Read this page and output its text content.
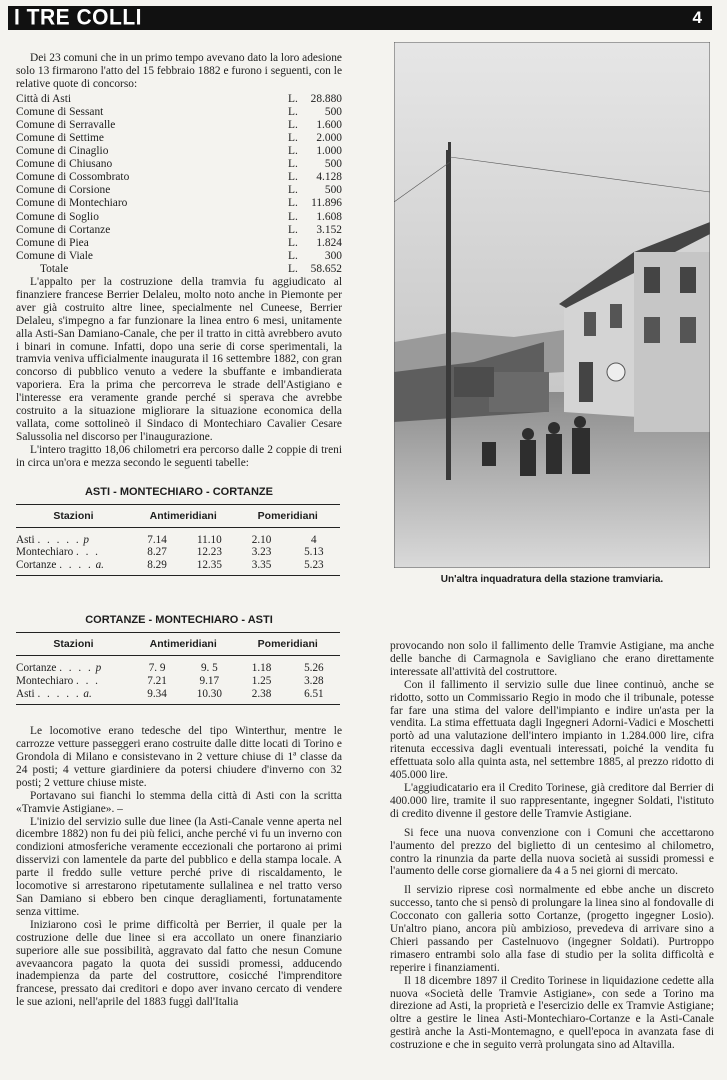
I TRE COLLI	4

Dei 23 comuni che in un primo tempo avevano dato la loro adesione solo 13 firmarono l'atto del 15 febbraio 1882 e furono i seguenti, con le relative quote di concorso:

Città di Asti	L.	28.880
Comune di Sessant	L.	500
Comune di Serravalle	L.	1.600
Comune di Settime	L.	2.000
Comune di Cinaglio	L.	1.000
Comune di Chiusano	L.	500
Comune di Cossombrato	L.	4.128
Comune di Corsione	L.	500
Comune di Montechiaro	L.	11.896
Comune di Soglio	L.	1.608
Comune di Cortanze	L.	3.152
Comune di Piea	L.	1.824
Comune di Viale	L.	300
Totale	L.	58.652

L'appalto per la costruzione della tramvia fu aggiudicato al finanziere francese Berrier Delaleu, molto noto anche in Piemonte per aver già costruito altre linee, specialmente nel Cuneese, Berrier Delaleu, s'impegno a far funzionare la linea entro 6 mesi, unitamente alla Asti-San Damiano-Canale, che per il tratto in città avrebbero avuto i binari in comune. Infatti, dopo una serie di corse sperimentali, la tramvia veniva ufficialmente inaugurata il 16 settembre 1882, con gran concorso di pubblico venuto a vedere la sbuffante e imbandierata vaporiera. Era la prima che percorreva le strade dell'Astigiano e l'interesse era veramente grande perché si sperava che avrebbe costruito a la situazione migliorare la situazione economica della vallata, come sottolineò il Sindaco di Montechiaro Cavalier Cesare Salussolia nel discorso per l'inaugurazione.

L'intero tragitto 18,06 chilometri era percorso dalle 2 coppie di treni in circa un'ora e mezza secondo le seguenti tabelle:

ASTI - MONTECHIARO - CORTANZE
Stazioni	Antimeridiani		Pomeridiani	
Asti . . . . . p	7.14	11.10	2.10	4
Montechiaro . . .	8.27	12.23	3.23	5.13
Cortanze . . . . a.	8.29	12.35	3.35	5.23
CORTANZE - MONTECHIARO - ASTI
Stazioni	Antimeridiani		Pomeridiani	
Cortanze . . . . p	7. 9	9. 5	1.18	5.26
Montechiaro . . .	7.21	9.17	1.25	3.28
Asti . . . . . a.	9.34	10.30	2.38	6.51

Le locomotive erano tedesche del tipo Winterthur, mentre le carrozze vetture passeggeri erano costruite dalle ditte locati di Torino e Grondola di Milano e consistevano in 2 vetture chiuse di 1ª classe da 24 posti; 4 vetture giardiniere da potersi chiudere d'inverno con 32 posti; 2 vetture chiuse miste.

Portavano sui fianchi lo stemma della città di Asti con la scritta «Tramvie Astigiane». –

L'inizio del servizio sulle due linee (la Asti-Canale venne aperta nel dicembre 1882) non fu dei più felici, anche perché vi fu un inverno con condizioni atmosferiche veramente eccezionali che portarono ai primi disservizi con lamentele da parte del pubblico e della stampa locale. A parte il freddo sulle vetture perché prive di riscaldamento, le locomotive si arrestarono ripetutamente sullalinea e nel tratto verso San Damiano si ebbero ben cinque deragliamenti, fortunatamente senza vittime.

Iniziarono così le prime difficoltà per Berrier, il quale per la costruzione delle due linee si era accollato un onere finanziario superiore alle sue possibilità, aggravato dal fatto che nesun Comune avevaancora pagato la quota dei sussidi promessi, adducendo inadempienza da parte del costruttore, cosicché l'imprenditore francese, pressato dai creditori e dopo aver invano cercato di vendere le sue azioni, nell'aprile del 1883 fuggì dall'Italia

Un'altra inquadratura della stazione tramviaria.

provocando non solo il fallimento delle Tramvie Astigiane, ma anche delle banche di Carmagnola e Savigliano che erano direttamente interessate all'attività del costruttore.

Con il fallimento il servizio sulle due linee continuò, anche se ridotto, sotto un Commissario Regio in modo che il tribunale, potesse far fare una stima del valore dell'impianto e indire un'asta per la vendita. La stima effettuata dagli Ingegneri Adorni-Vadici e Moschetti portò ad una valutazione dell'intero impianto in 1.284.000 lire, cifra ritenuta eccessiva dagli eventuali interessati, poiché la vendita fu effettuata solo alla quinta asta, nel settembre 1885, al prezzo ridotto di 405.000 lire.

L'aggiudicatario era il Credito Torinese, già creditore dal Berrier di 400.000 lire, tramite il suo rappresentante, ingegner Soldati, l'istituto di credito divenne il gestore delle Tramvie Astigiane.

Si fece una nuova convenzione con i Comuni che accettarono l'aumento del prezzo del biglietto di un centesimo al chilometro, contro la rinunzia da parte della nuova società ai sussidi promessi e l'aumento delle corse giornaliere da 4 a 5 nei giorni di mercato.

Il servizio riprese così normalmente ed ebbe anche un discreto successo, tanto che si pensò di prolungare la linea sino al fondovalle di Cocconato con galleria sotto Cortanze, (progetto ingegner Losio). Un'altro piano, ancora più ambizioso, prevedeva di arrivare sino a Chieri passando per Castelnuovo (ingegner Soldati). Purtroppo rimasero entrambi solo alla fase di studio per la solita difficoltà e reperire i finanziamenti.

Il 18 dicembre 1897 il Credito Torinese in liquidazione cedette alla nuova «Società delle Tramvie Astigiane», con sede a Torino ma direzione ad Asti, la proprietà e l'esercizio delle ex Tramvie Astigiane; oltre a gestire le linea Asti-Montechiaro-Cortanze e la Asti-Canale gestirà anche la Asti-Montemagno, e quell'epoca in avanzata fase di costruzione e che in seguito verrà prolungata sino ad Altavilla.
